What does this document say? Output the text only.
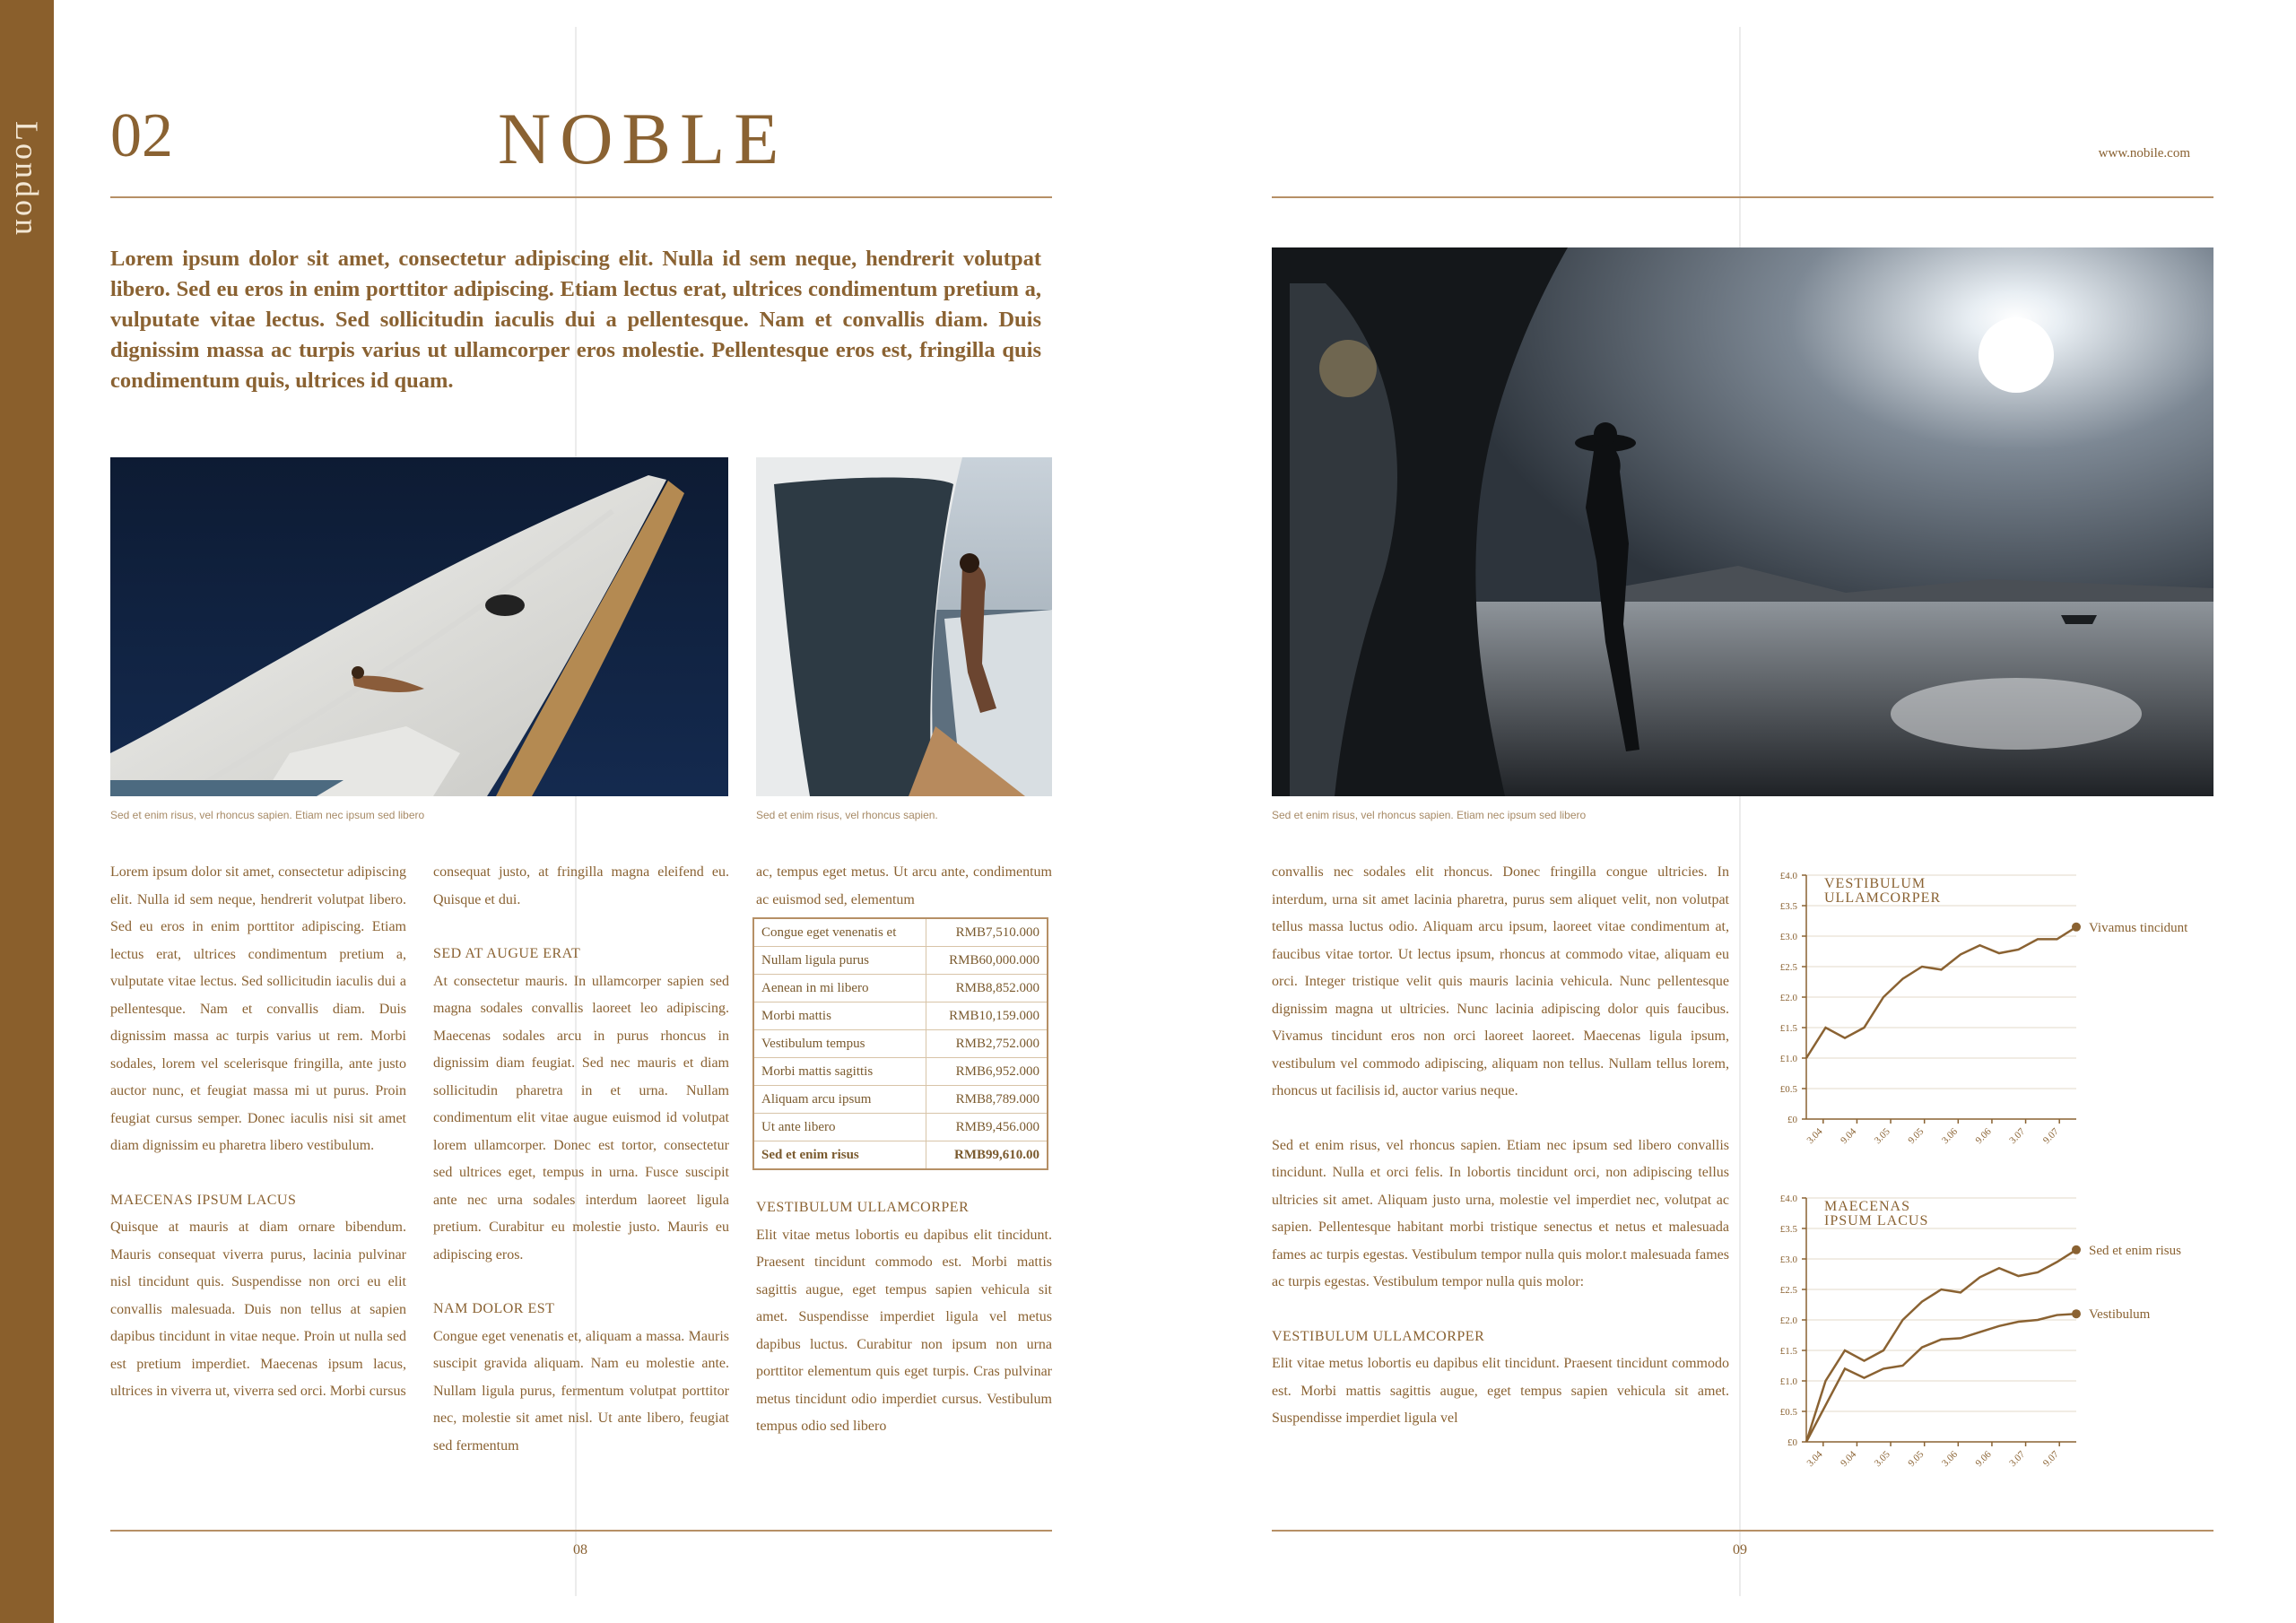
London 02	NOBLE	www.nobile.com
Lorem ipsum dolor sit amet, consectetur adipiscing elit. Nulla id sem neque, hendrerit volutpat libero. Sed eu eros in enim porttitor adipiscing. Etiam lectus erat, ultrices condimentum pretium a, vulputate vitae lectus. Sed sollicitudin iaculis dui a pellentesque. Nam et convallis diam. Duis dignissim massa ac turpis varius ut ullamcorper eros molestie. Pellentesque eros est, fringilla quis condimentum quis, ultrices id quam.
Sed et enim risus, vel rhoncus sapien. Etiam nec ipsum sed libero	Sed et enim risus, vel rhoncus sapien.	Sed et enim risus, vel rhoncus sapien. Etiam nec ipsum sed libero

Lorem ipsum dolor sit amet, consectetur adipiscing elit. Nulla id sem neque, hendrerit volutpat libero. Sed eu eros in enim porttitor adipiscing. Etiam lectus erat, ultrices condimentum pretium a, vulputate vitae lectus. Sed sollicitudin iaculis dui a pellentesque. Nam et convallis diam. Duis dignissim massa ac turpis varius ut rem. Morbi sodales, lorem vel scelerisque fringilla, ante justo auctor nunc, et feugiat massa mi ut purus. Proin feugiat cursus semper. Donec iaculis nisi sit amet diam dignissim eu pharetra libero vestibulum.

MAECENAS IPSUM LACUS

Quisque at mauris at diam ornare bibendum. Mauris consequat viverra purus, lacinia pulvinar nisl tincidunt quis. Suspendisse non orci eu elit convallis malesuada. Duis non tellus at sapien dapibus tincidunt in vitae neque. Proin ut nulla sed est pretium imperdiet. Maecenas ipsum lacus, ultrices in viverra ut, viverra sed orci. Morbi cursus

consequat justo, at fringilla magna eleifend eu. Quisque et dui.

SED AT AUGUE ERAT

At consectetur mauris. In ullamcorper sapien sed magna sodales convallis laoreet leo adipiscing. Maecenas sodales arcu in purus rhoncus in dignissim diam feugiat. Sed nec mauris et diam sollicitudin pharetra in et urna. Nullam condimentum elit vitae augue euismod id volutpat lorem ullamcorper. Donec est tortor, consectetur sed ultrices eget, tempus in urna. Fusce suscipit ante nec urna sodales interdum laoreet ligula pretium. Curabitur eu molestie justo. Mauris eu adipiscing eros.

NAM DOLOR EST

Congue eget venenatis et, aliquam a massa. Mauris suscipit gravida aliquam. Nam eu molestie ante. Nullam ligula purus, fermentum volutpat porttitor nec, molestie sit amet nisl. Ut ante libero, feugiat sed fermentum

ac, tempus eget metus. Ut arcu ante, condimentum ac euismod sed, elementum

Congue eget venenatis et	RMB7,510.000
Nullam ligula purus	RMB60,000.000
Aenean in mi libero	RMB8,852.000
Morbi mattis	RMB10,159.000
Vestibulum tempus	RMB2,752.000
Morbi mattis sagittis	RMB6,952.000
Aliquam arcu ipsum	RMB8,789.000
Ut ante libero	RMB9,456.000
Sed et enim risus	RMB99,610.00

VESTIBULUM ULLAMCORPER

Elit vitae metus lobortis eu dapibus elit tincidunt. Praesent tincidunt commodo est. Morbi mattis sagittis augue, eget tempus sapien vehicula sit amet. Suspendisse imperdiet ligula vel metus dapibus luctus. Curabitur non ipsum non urna porttitor elementum quis eget turpis. Cras pulvinar metus tincidunt odio imperdiet cursus. Vestibulum tempus odio sed libero

convallis nec sodales elit rhoncus. Donec fringilla congue ultricies. In interdum, urna sit amet lacinia pharetra, purus sem aliquet velit, non volutpat tellus massa luctus odio. Aliquam arcu ipsum, laoreet vitae condimentum at, faucibus vitae tortor. Ut lectus ipsum, rhoncus at commodo vitae, aliquam eu orci. Integer tristique velit quis mauris lacinia vehicula. Nunc pellentesque dignissim magna ut ultricies. Nunc lacinia adipiscing dolor quis faucibus. Vivamus tincidunt eros non orci laoreet laoreet. Maecenas ligula ipsum, vestibulum vel commodo adipiscing, aliquam non tellus. Nullam tellus lorem, rhoncus ut facilisis id, auctor varius neque.

Sed et enim risus, vel rhoncus sapien. Etiam nec ipsum sed libero convallis tincidunt. Nulla et orci felis. In lobortis tincidunt orci, non adipiscing tellus ultricies sit amet. Aliquam justo urna, molestie vel imperdiet nec, volutpat ac sapien. Pellentesque habitant morbi tristique senectus et netus et malesuada fames ac turpis egestas. Vestibulum tempor nulla quis molor.t malesuada fames ac turpis egestas. Vestibulum tempor nulla quis molor:

VESTIBULUM ULLAMCORPER

Elit vitae metus lobortis eu dapibus elit tincidunt. Praesent tincidunt commodo est. Morbi mattis sagittis augue, eget tempus sapien vehicula sit amet. Suspendisse imperdiet ligula vel

£4.0
£3.5
£3.0
£2.5
£2.0
£1.5
£1.0
£0.5
£0
3.04 9.04 3.05 9.05 3.06 9.06 3.07 9.07
VESTIBULUM
ULLAMCORPER
Vivamus tincidunt
£4.0
£3.5
£3.0
£2.5
£2.0
£1.5
£1.0
£0.5
£0
3.04 9.04 3.05 9.05 3.06 9.06 3.07 9.07
MAECENAS
IPSUM LACUS
Sed et enim risus
Vestibulum
08	09
